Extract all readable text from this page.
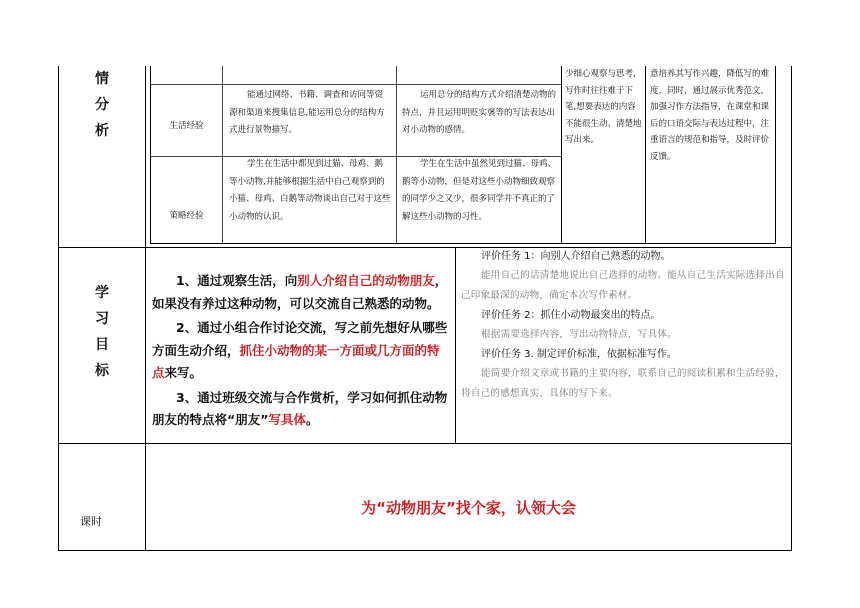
情
分
析	生活经验
策略经验
能通过网络、书籍、调查和访问等资源和渠道来搜集信息,能运用总分的结构方式进行景物描写。
运用总分的结构方式介绍清楚动物的特点，并且运用明贬实褒等的写法表达出对小动物的感情。
学生在生活中都见到过猫、母鸡、鹅等小动物,并能够根据生活中自己观察到的小猫、母鸡、白鹅等动物谈出自己对于这些小动物的认识。
学生在生活中虽然见到过猫、母鸡、鹅等小动物，但是对这些小动物细致观察的同学少之又少，很多同学并不真正的了解这些小动物的习性。
少细心观察与思考,写作时往往难于下笔,想要表达的内容不能很生动、清楚地写出来。
意培养其写作兴趣，降低写的难度，同时，通过展示优秀范文，加强习作方法指导，在课堂和课后的口语交际与表达过程中，注重语言的规范和指导，及时评价反馈。
学
习
目
标
1、通过观察生活，向别人介绍自己的动物朋友，如果没有养过这种动物，可以交流自己熟悉的动物。
2、通过小组合作讨论交流，写之前先想好从哪些方面生动介绍，抓住小动物的某一方面或几方面的特点来写。
3、通过班级交流与合作赏析，学习如何抓住动物朋友的特点将“朋友”写具体。
评价任务 1：向别人介绍自己熟悉的动物。
能用自己的话清楚地说出自己选择的动物。能从自己生活实际选择出自己印象最深的动物，确定本次写作素材。
评价任务 2：抓住小动物最突出的特点。
根据需要选择内容，写出动物特点，写具体。
评价任务 3. 制定评价标准，依据标准写作。
能简要介绍文章或书籍的主要内容，联系自己的阅读积累和生活经验，将自己的感想真实、具体的写下来。
课时
为“动物朋友”找个家，认领大会
